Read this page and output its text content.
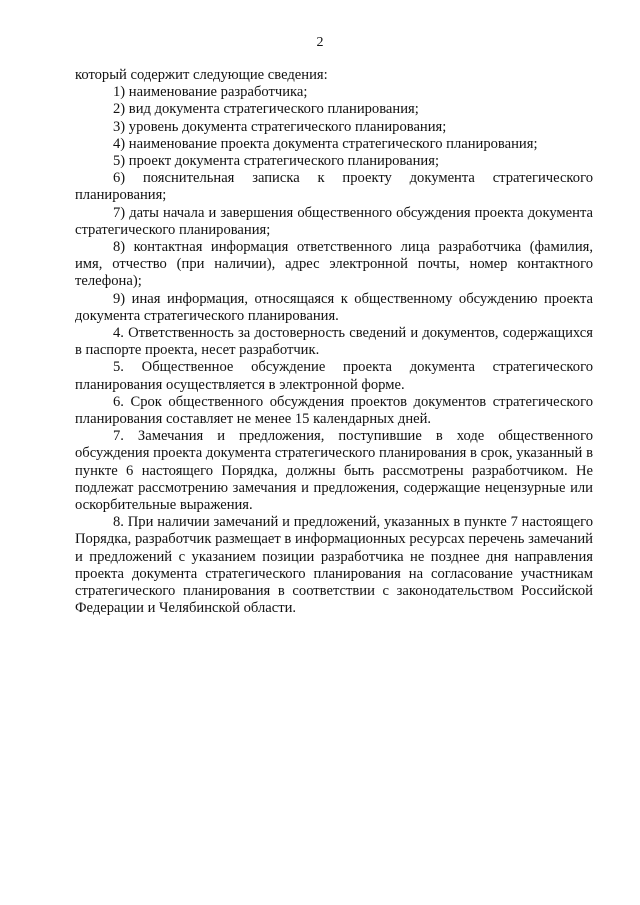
2

который содержит следующие сведения:

1) наименование разработчика;

2) вид документа стратегического планирования;

3) уровень документа стратегического планирования;

4) наименование проекта документа стратегического планирования;

5) проект документа стратегического планирования;

6) пояснительная записка к проекту документа стратегического планирования;

7) даты начала и завершения общественного обсуждения проекта документа стратегического планирования;

8) контактная информация ответственного лица разработчика (фамилия, имя, отчество (при наличии), адрес электронной почты, номер контактного телефона);

9) иная информация, относящаяся к общественному обсуждению проекта документа стратегического планирования.

4. Ответственность за достоверность сведений и документов, содержащихся в паспорте проекта, несет разработчик.

5. Общественное обсуждение проекта документа стратегического планирования осуществляется в электронной форме.

6. Срок общественного обсуждения проектов документов стратегического планирования составляет не менее 15 календарных дней.

7. Замечания и предложения, поступившие в ходе общественного обсуждения проекта документа стратегического планирования в срок, указанный в пункте 6 настоящего Порядка, должны быть рассмотрены разработчиком. Не подлежат рассмотрению замечания и предложения, содержащие нецензурные или оскорбительные выражения.

8. При наличии замечаний и предложений, указанных в пункте 7 настоящего Порядка, разработчик размещает в информационных ресурсах перечень замечаний и предложений с указанием позиции разработчика не позднее дня направления проекта документа стратегического планирования на согласование участникам стратегического планирования в соответствии с законодательством Российской Федерации и Челябинской области.
